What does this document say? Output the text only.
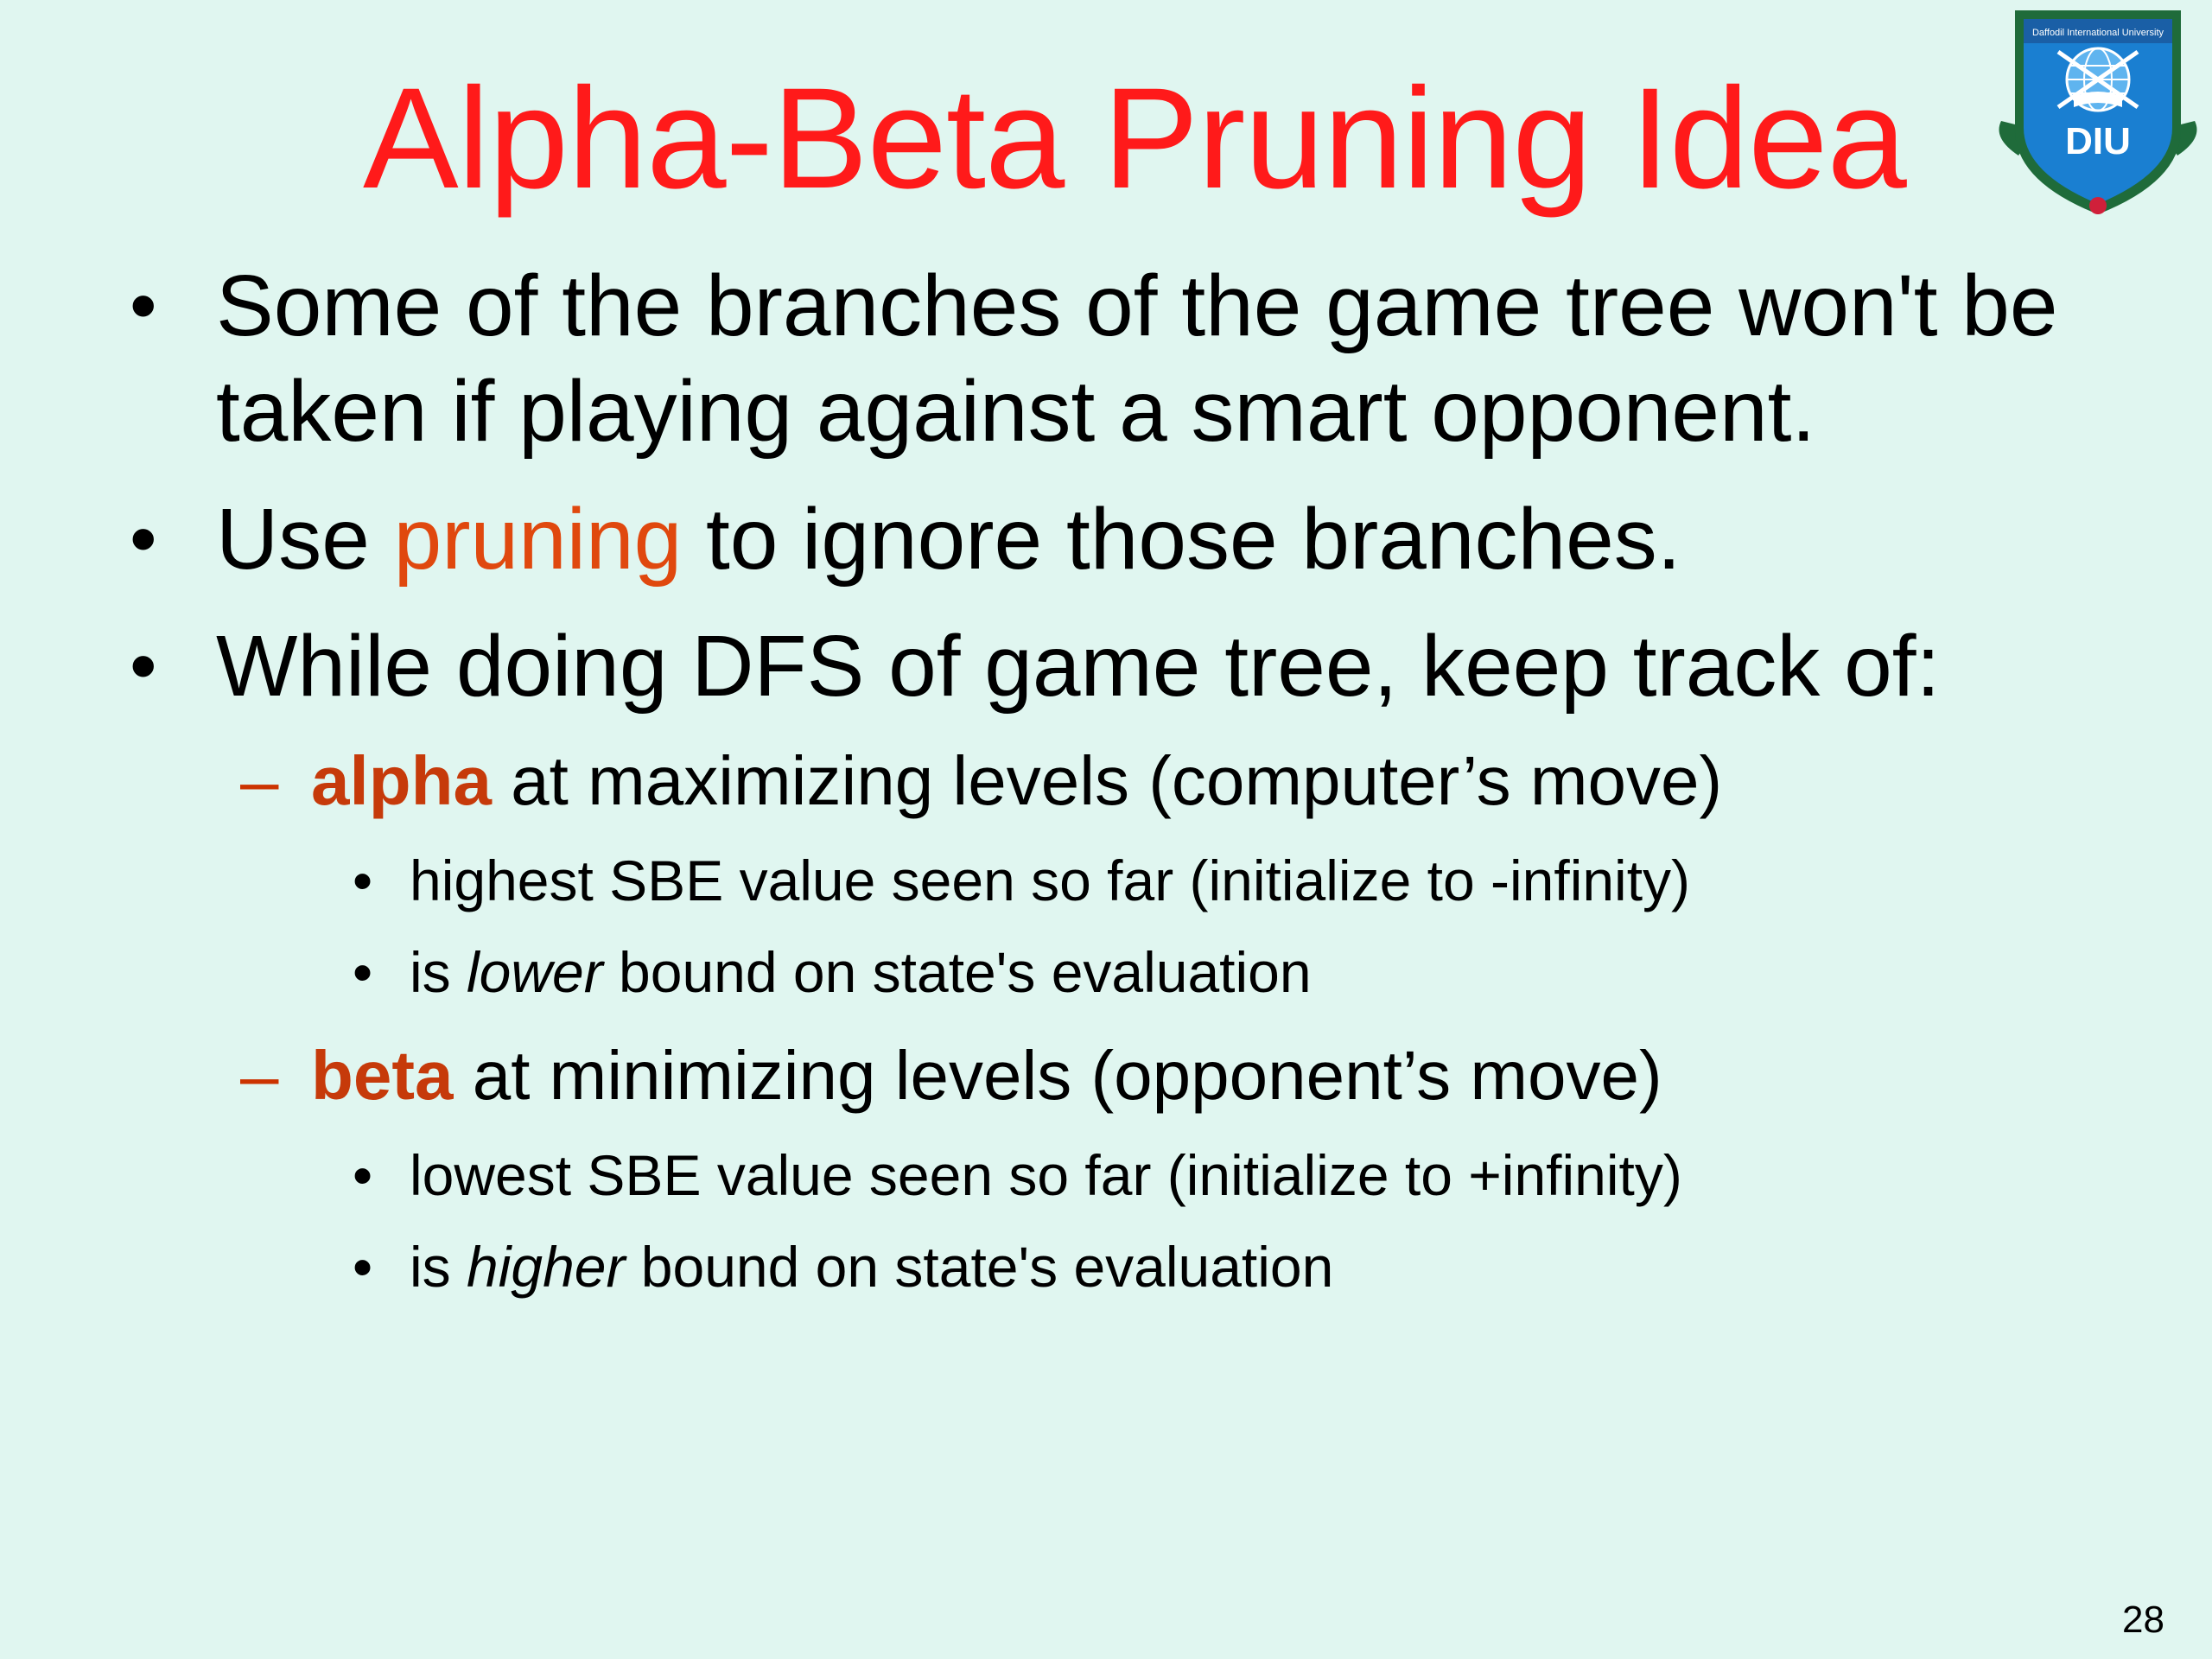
Alpha-Beta Pruning Idea
Daffodil International University
DIU
• Some of the branches of the game tree won't be
taken if playing against a smart opponent.
• Use pruning to ignore those branches.
• While doing DFS of game tree, keep track of:
– alpha at maximizing levels (computer’s move)
• highest SBE value seen so far (initialize to -infinity)
• is lower bound on state's evaluation
– beta at minimizing levels (opponent’s move)
• lowest SBE value seen so far (initialize to +infinity)
• is higher bound on state's evaluation
28
